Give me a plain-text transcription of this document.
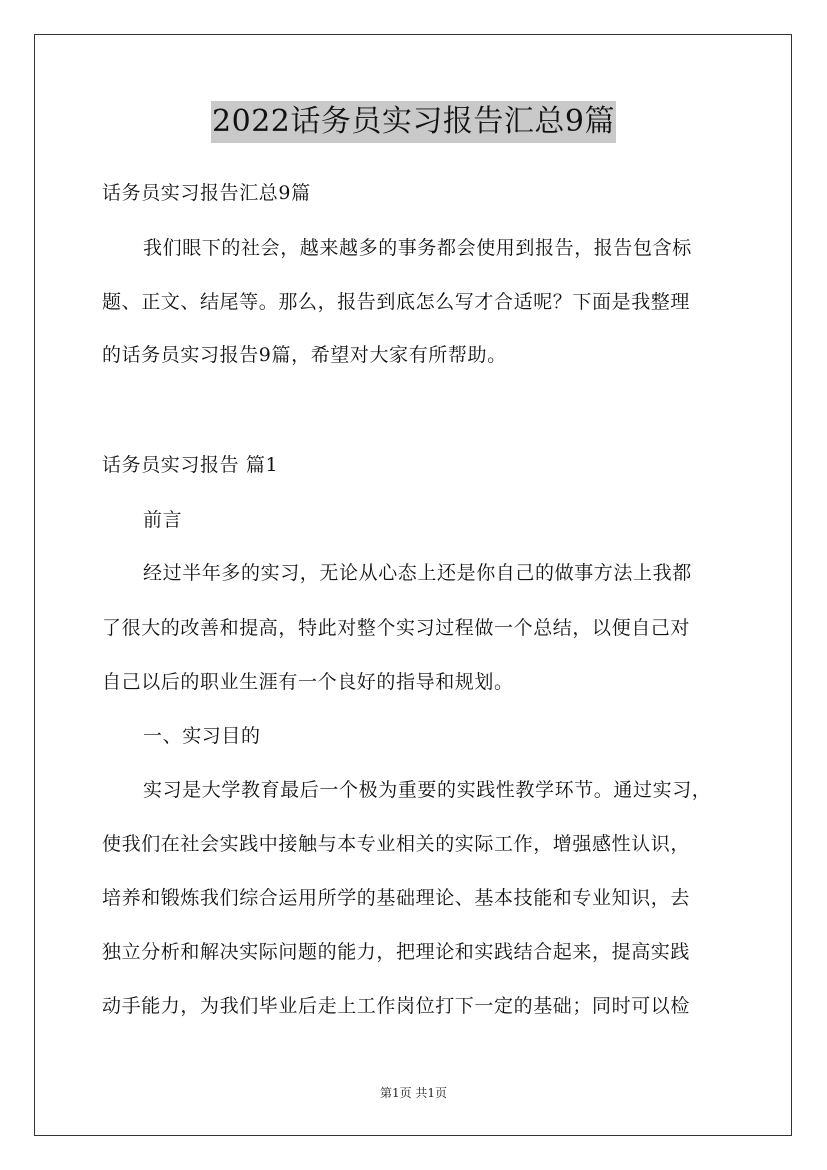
2022话务员实习报告汇总9篇
话务员实习报告汇总9篇
我们眼下的社会，越来越多的事务都会使用到报告，报告包含标
题、正文、结尾等。那么，报告到底怎么写才合适呢？下面是我整理
的话务员实习报告9篇，希望对大家有所帮助。
话务员实习报告 篇1
前言
经过半年多的实习，无论从心态上还是你自己的做事方法上我都
了很大的改善和提高，特此对整个实习过程做一个总结，以便自己对
自己以后的职业生涯有一个良好的指导和规划。
一、实习目的
实习是大学教育最后一个极为重要的实践性教学环节。通过实习，
使我们在社会实践中接触与本专业相关的实际工作，增强感性认识，
培养和锻炼我们综合运用所学的基础理论、基本技能和专业知识，去
独立分析和解决实际问题的能力，把理论和实践结合起来，提高实践
动手能力，为我们毕业后走上工作岗位打下一定的基础；同时可以检
第1页 共1页
